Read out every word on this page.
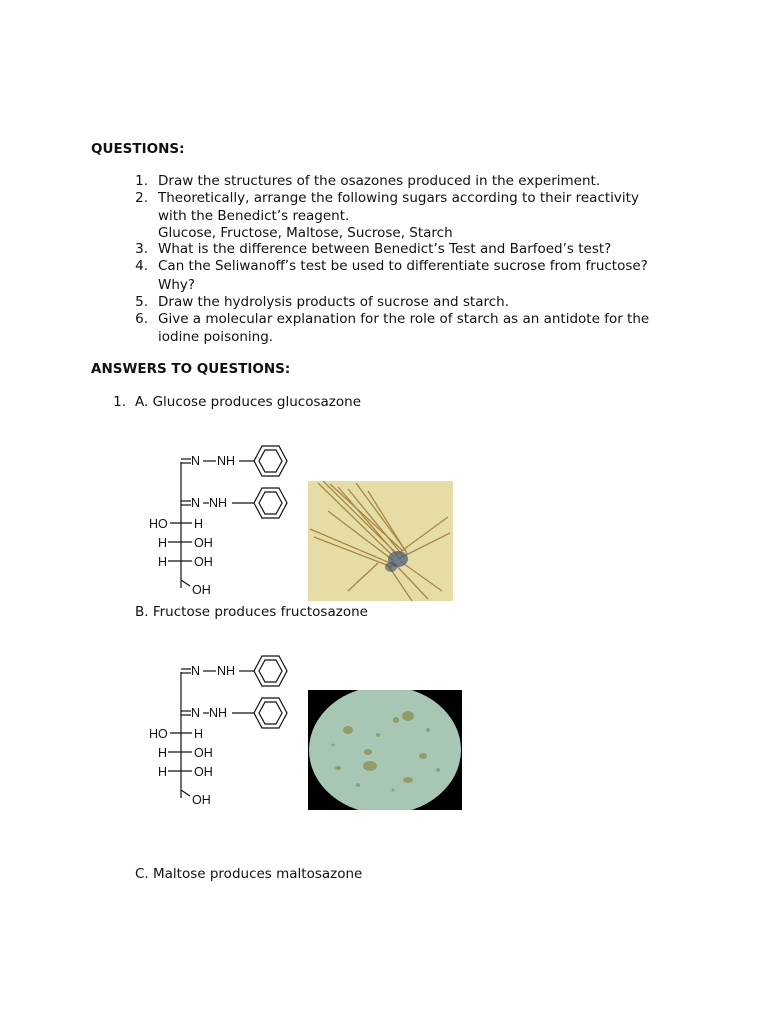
QUESTIONS:
1. Draw the structures of the osazones produced in the experiment.
2. Theoretically, arrange the following sugars according to their reactivity
with the Benedict’s reagent.
Glucose, Fructose, Maltose, Sucrose, Starch
3. What is the difference between Benedict’s Test and Barfoed’s test?
4. Can the Seliwanoff’s test be used to differentiate sucrose from fructose?
Why?
5. Draw the hydrolysis products of sucrose and starch.
6. Give a molecular explanation for the role of starch as an antidote for the
iodine poisoning.
ANSWERS TO QUESTIONS:
1. A. Glucose produces glucosazone
N NH
N NH
HO H
H OH
H OH
OH
B. Fructose produces fructosazone
N NH
N NH
HO H
H OH
H OH
OH
C. Maltose produces maltosazone
